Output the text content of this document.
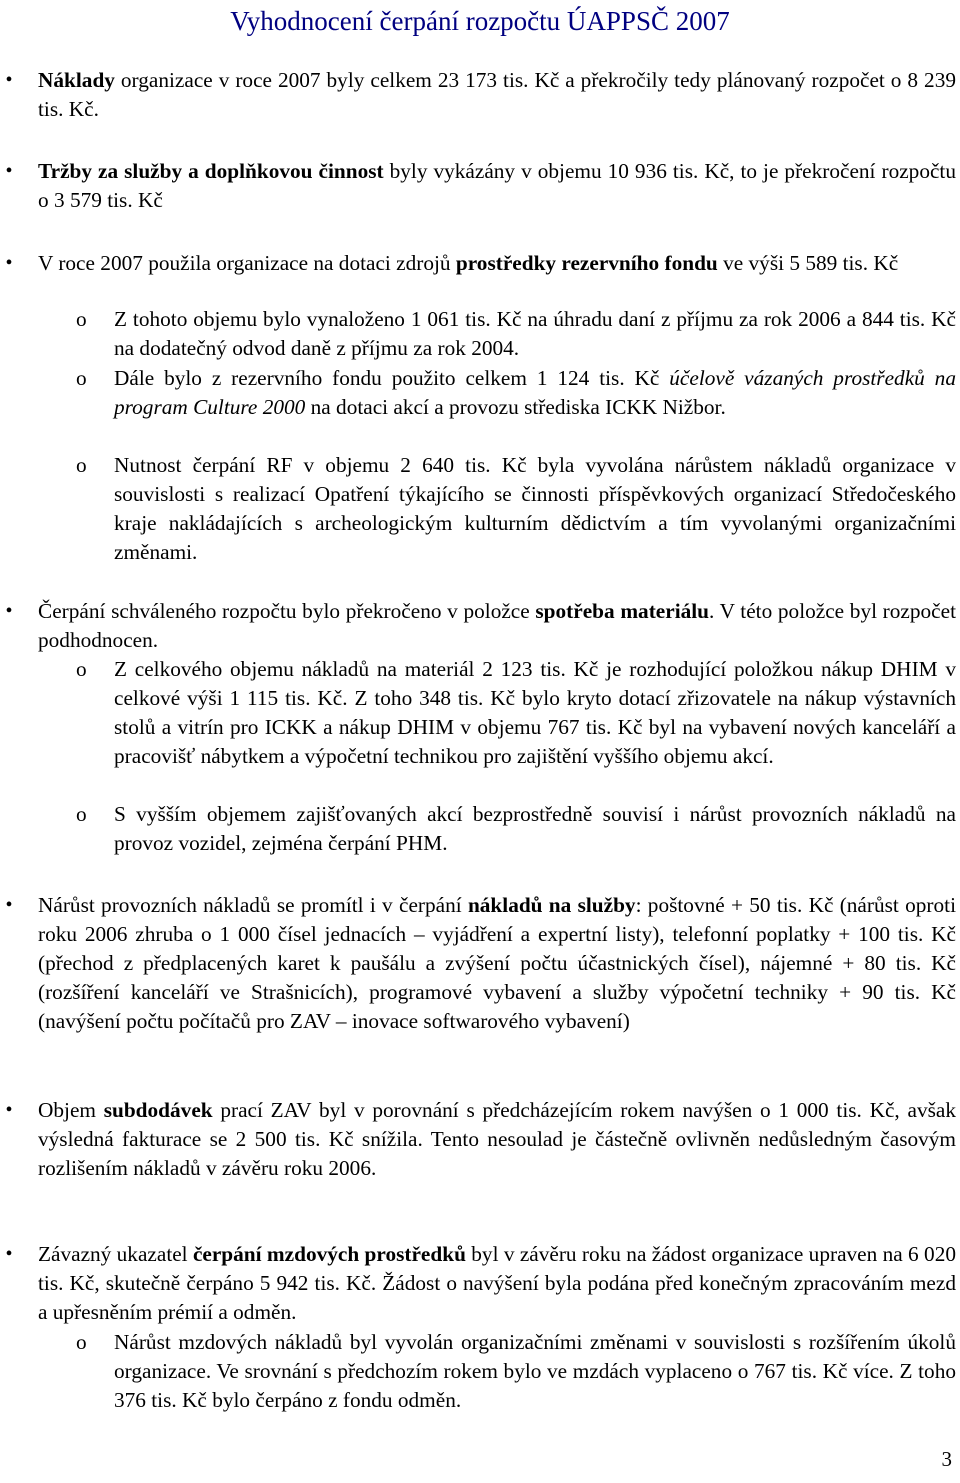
Vyhodnocení čerpání rozpočtu ÚAPPSČ 2007
• Náklady organizace v roce 2007 byly celkem 23 173 tis. Kč a překročily tedy plánovaný rozpočet o 8 239 tis. Kč.
• Tržby za služby a doplňkovou činnost byly vykázány v objemu 10 936 tis. Kč, to je překročení rozpočtu o 3 579 tis. Kč
• V roce 2007 použila organizace na dotaci zdrojů prostředky rezervního fondu ve výši 5 589 tis. Kč
o Z tohoto objemu bylo vynaloženo 1 061 tis. Kč na úhradu daní z příjmu za rok 2006 a 844 tis. Kč na dodatečný odvod daně z příjmu za rok 2004.
o Dále bylo z rezervního fondu použito celkem 1 124 tis. Kč účelově vázaných prostředků na program Culture 2000 na dotaci akcí a provozu střediska ICKK Nižbor.
o Nutnost čerpání RF v objemu 2 640 tis. Kč byla vyvolána nárůstem nákladů organizace v souvislosti s realizací Opatření týkajícího se činnosti příspěvkových organizací Středočeského kraje nakládajících s archeologickým kulturním dědictvím a tím vyvolanými organizačními změnami.
• Čerpání schváleného rozpočtu bylo překročeno v položce spotřeba materiálu. V této položce byl rozpočet podhodnocen.
o Z celkového objemu nákladů na materiál 2 123 tis. Kč je rozhodující položkou nákup DHIM v celkové výši 1 115 tis. Kč. Z toho 348 tis. Kč bylo kryto dotací zřizovatele na nákup výstavních stolů a vitrín pro ICKK a nákup DHIM v objemu 767 tis. Kč byl na vybavení nových kanceláří a pracovišť nábytkem a výpočetní technikou pro zajištění vyššího objemu akcí.
o S vyšším objemem zajišťovaných akcí bezprostředně souvisí i nárůst provozních nákladů na provoz vozidel, zejména čerpání PHM.
• Nárůst provozních nákladů se promítl i v čerpání nákladů na služby: poštovné + 50 tis. Kč (nárůst oproti roku 2006 zhruba o 1 000 čísel jednacích – vyjádření a expertní listy), telefonní poplatky + 100 tis. Kč (přechod z předplacených karet k paušálu a zvýšení počtu účastnických čísel), nájemné + 80 tis. Kč (rozšíření kanceláří ve Strašnicích), programové vybavení a služby výpočetní techniky + 90 tis. Kč (navýšení počtu počítačů pro ZAV – inovace softwarového vybavení)
• Objem subdodávek prací ZAV byl v porovnání s předcházejícím rokem navýšen o 1 000 tis. Kč, avšak výsledná fakturace se 2 500 tis. Kč snížila. Tento nesoulad je částečně ovlivněn nedůsledným časovým rozlišením nákladů v závěru roku 2006.
• Závazný ukazatel čerpání mzdových prostředků byl v závěru roku na žádost organizace upraven na 6 020 tis. Kč, skutečně čerpáno 5 942 tis. Kč. Žádost o navýšení byla podána před konečným zpracováním mezd a upřesněním prémií a odměn.
o Nárůst mzdových nákladů byl vyvolán organizačními změnami v souvislosti s rozšířením úkolů organizace. Ve srovnání s předchozím rokem bylo ve mzdách vyplaceno o 767 tis. Kč více. Z toho 376 tis. Kč bylo čerpáno z fondu odměn.
3
